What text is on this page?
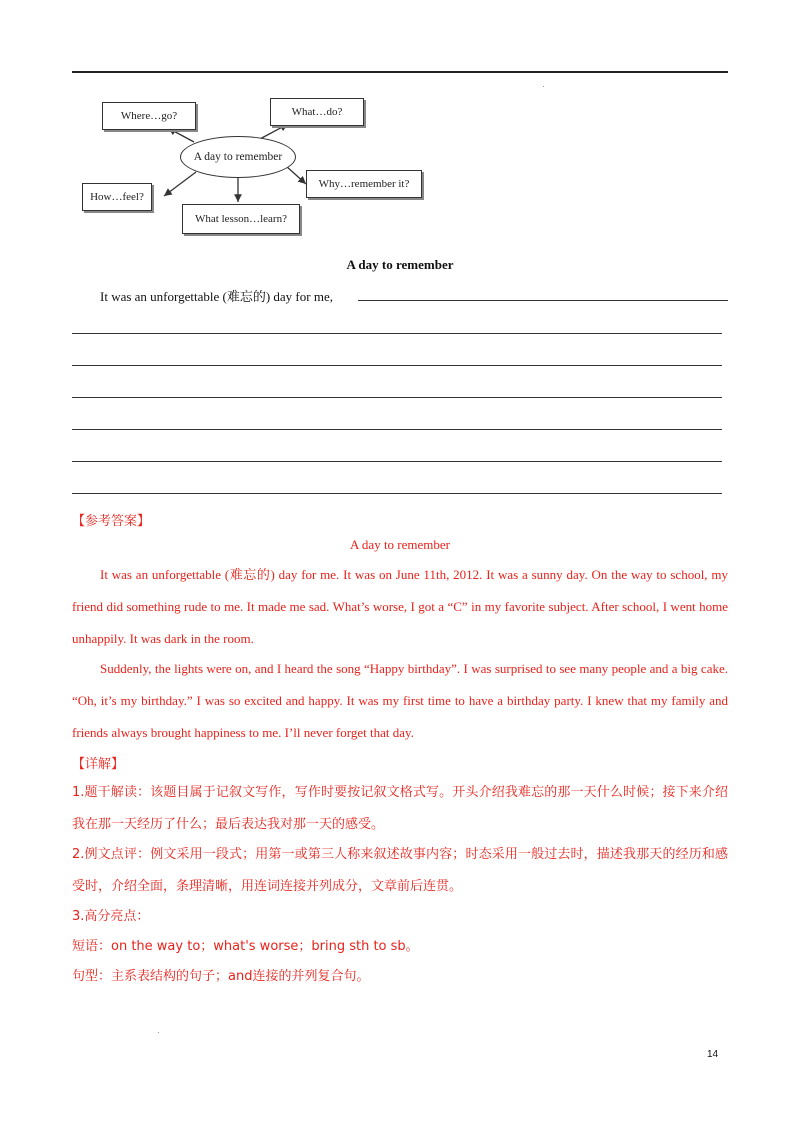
Where…go?	What…do?
A day to remember
How…feel?
Why…remember it?
What lesson…learn?
A day to remember
It was an unforgettable (难忘的) day for me,
【参考答案】
A day to remember
It was an unforgettable (难忘的) day for me. It was on June 11th, 2012. It was a sunny day. On the way to school, my friend did something rude to me. It made me sad. What’s worse, I got a “C” in my favorite subject. After school, I went home unhappily. It was dark in the room.
Suddenly, the lights were on, and I heard the song “Happy birthday”. I was surprised to see many people and a big cake. “Oh, it’s my birthday.” I was so excited and happy. It was my first time to have a birthday party. I knew that my family and friends always brought happiness to me. I’ll never forget that day.
【详解】
1.题干解读：该题目属于记叙文写作，写作时要按记叙文格式写。开头介绍我难忘的那一天什么时候；接下来介绍我在那一天经历了什么；最后表达我对那一天的感受。
2.例文点评：例文采用一段式；用第一或第三人称来叙述故事内容；时态采用一般过去时，描述我那天的经历和感受时，介绍全面，条理清晰，用连词连接并列成分，文章前后连贯。
3.高分亮点：
短语：on the way to；what's worse；bring sth to sb。
句型：主系表结构的句子；and连接的并列复合句。
14
